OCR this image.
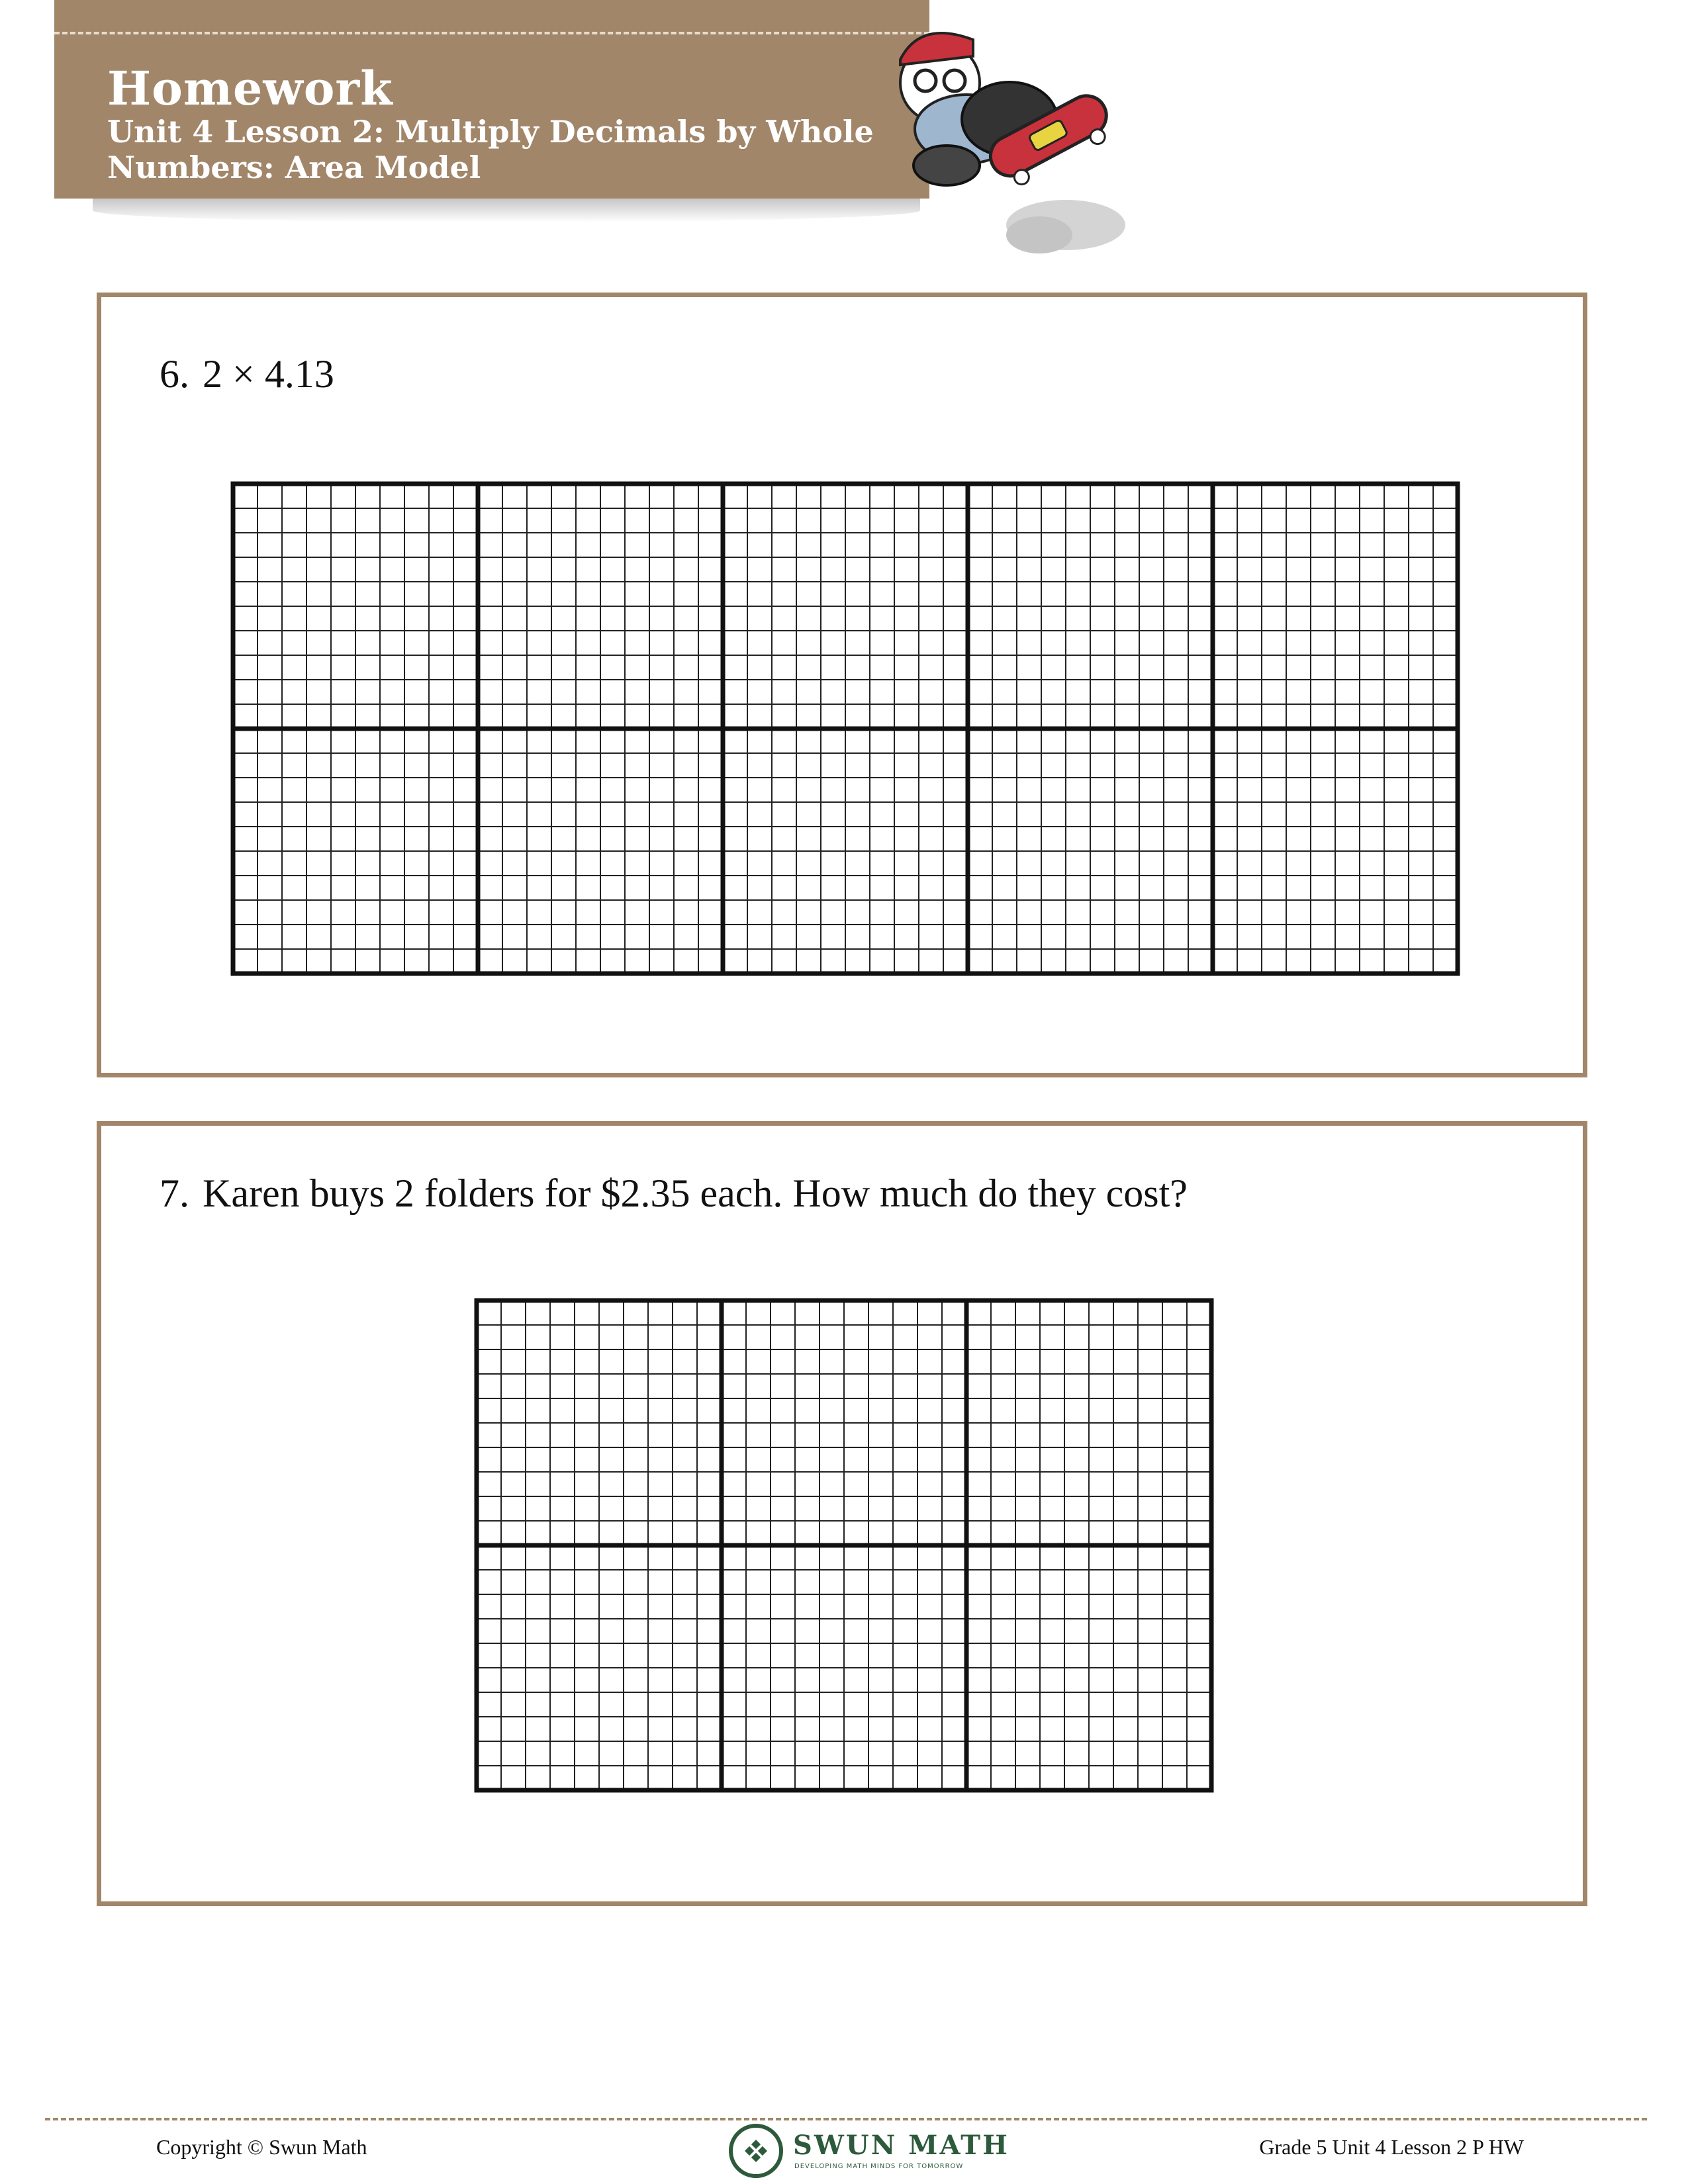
Homework

Unit 4 Lesson 2: Multiply Decimals by Whole Numbers: Area Model

6. 2 × 4.13

7. Karen buys 2 folders for $2.35 each. How much do they cost?

Copyright © Swun Math	SWUN MATH
DEVELOPING MATH MINDS FOR TOMORROW
Grade 5 Unit 4 Lesson 2 P HW
